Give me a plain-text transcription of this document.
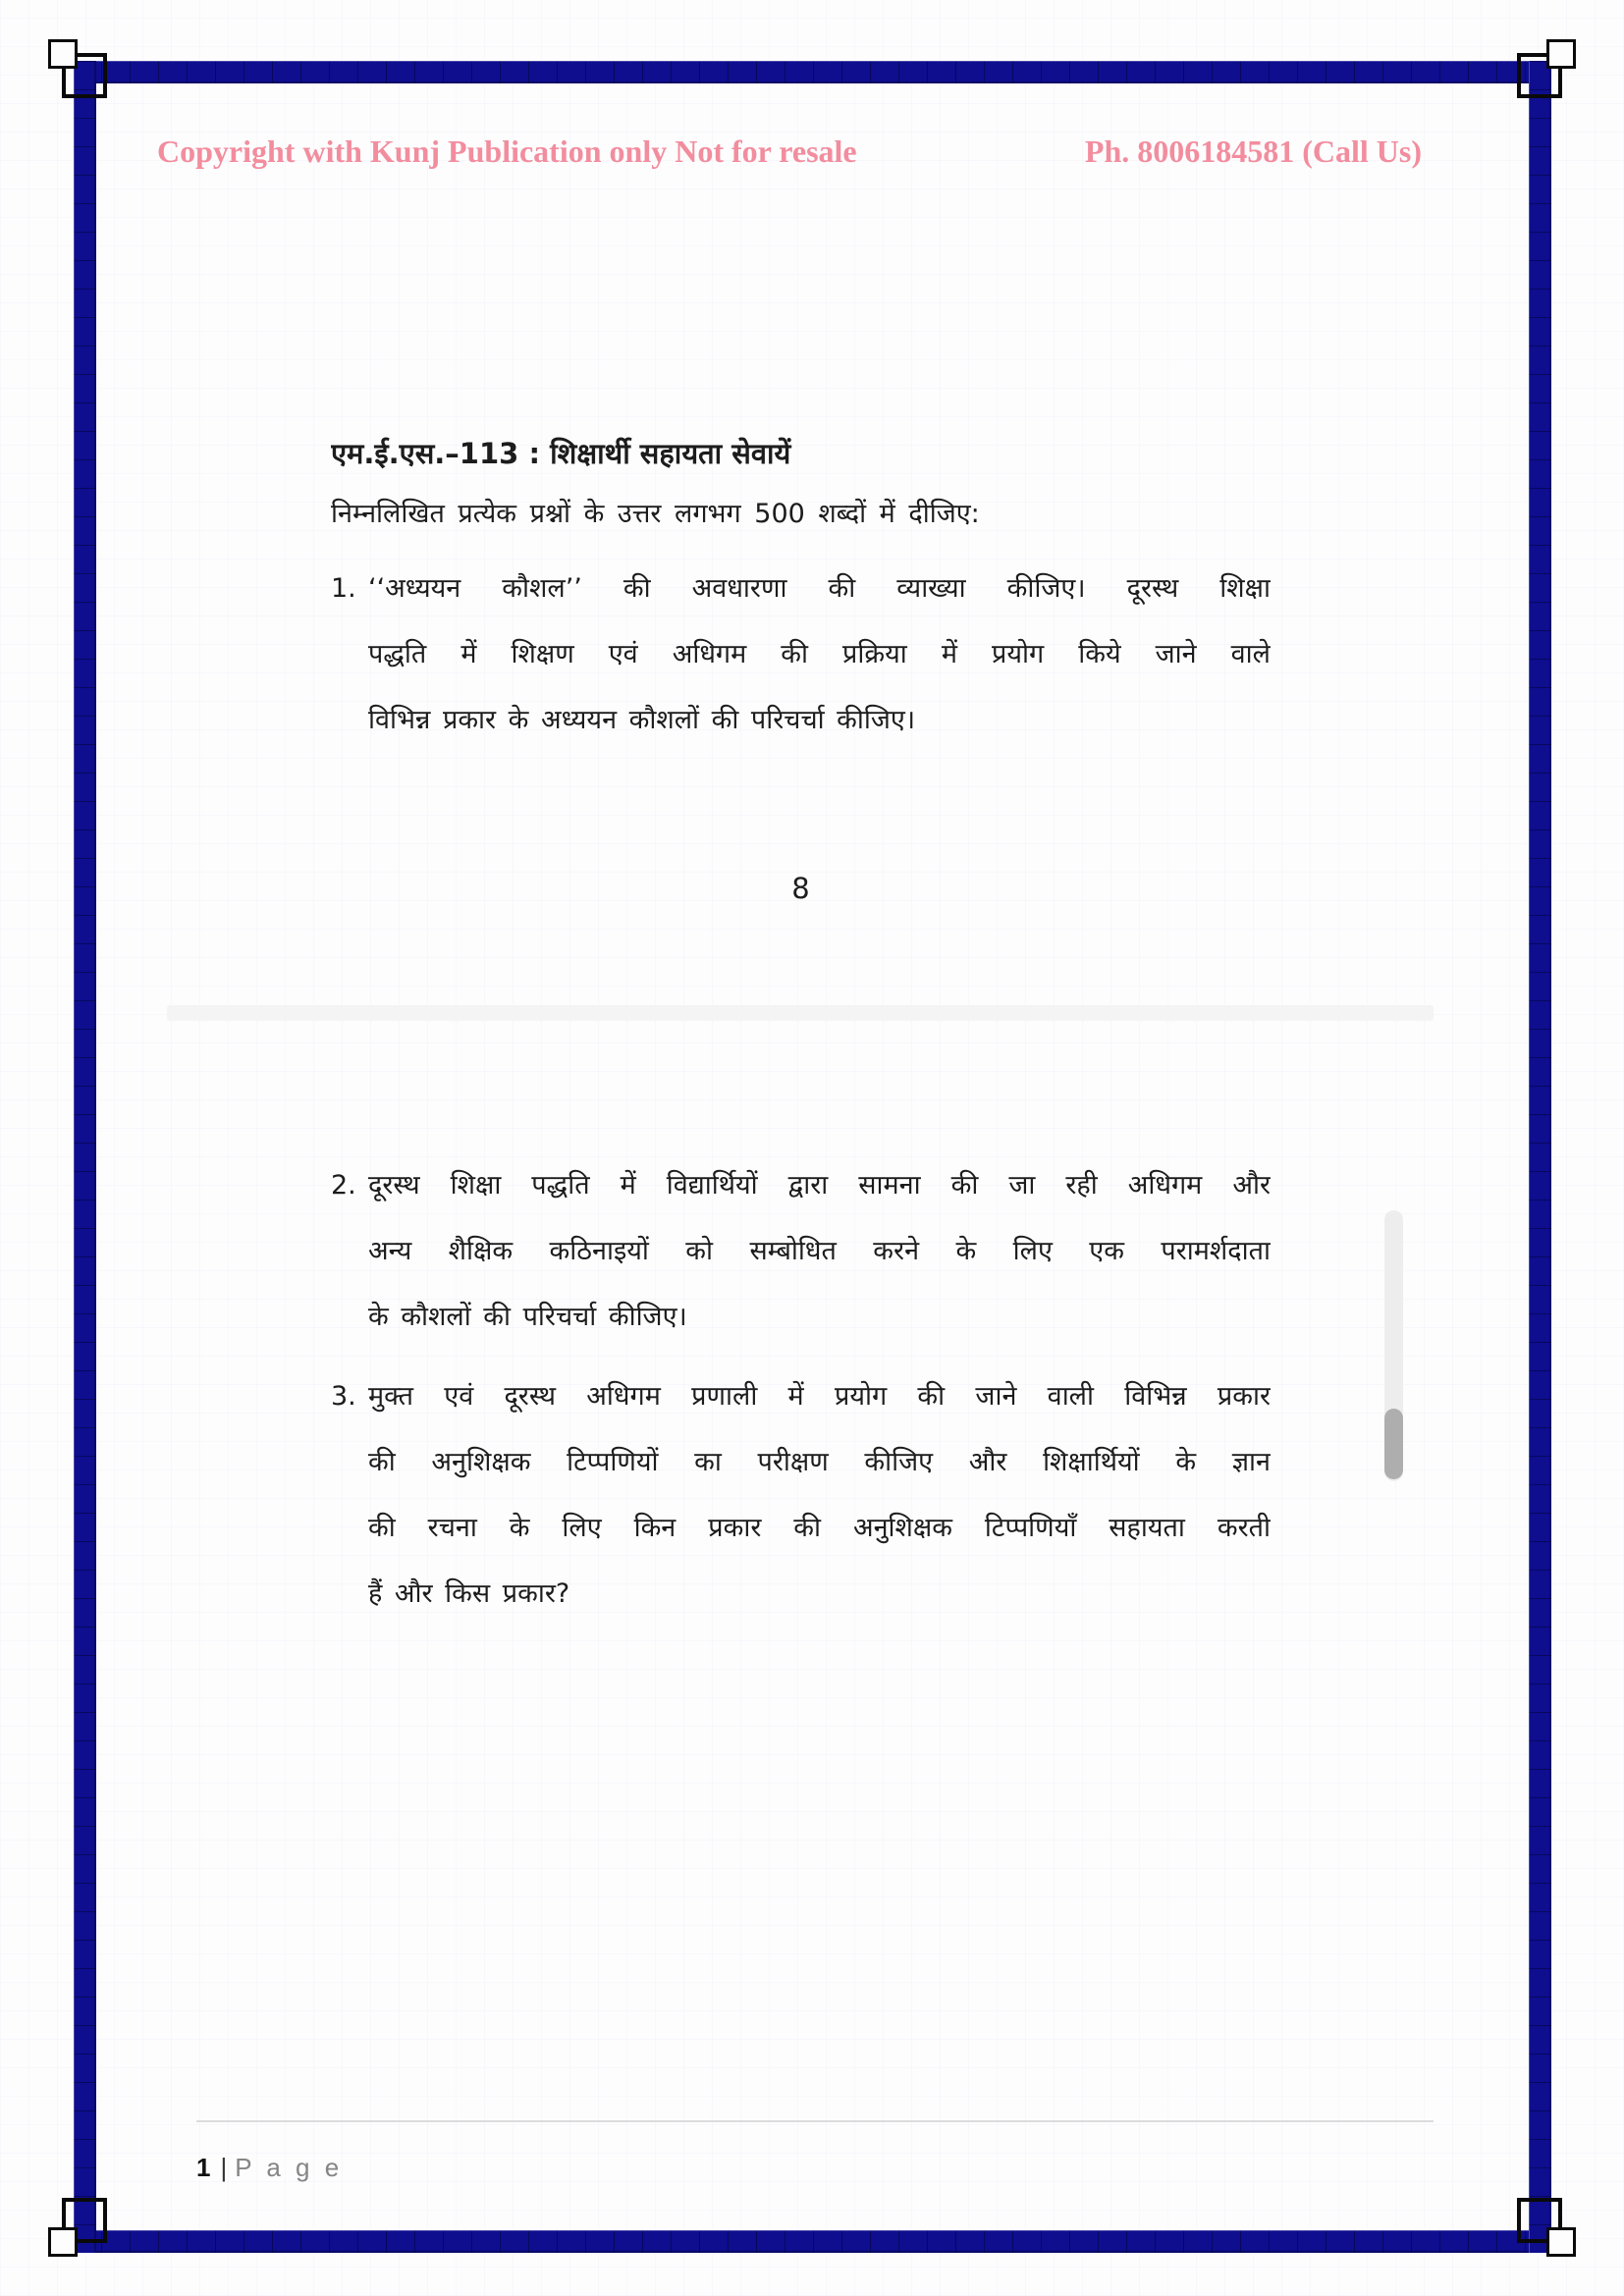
Copyright with Kunj Publication only Not for resale	Ph. 8006184581 (Call Us)
एम.ई.एस.–113 : शिक्षार्थी सहायता सेवायें
निम्नलिखित प्रत्येक प्रश्नों के उत्तर लगभग 500 शब्दों में दीजिए:
1. ‘‘अध्ययन कौशल’’ की अवधारणा की व्याख्या कीजिए। दूरस्थ शिक्षा
पद्धति में शिक्षण एवं अधिगम की प्रक्रिया में प्रयोग किये जाने वाले
विभिन्न प्रकार के अध्ययन कौशलों की परिचर्चा कीजिए।
8
2. दूरस्थ शिक्षा पद्धति में विद्यार्थियों द्वारा सामना की जा रही अधिगम और
अन्य शैक्षिक कठिनाइयों को सम्बोधित करने के लिए एक परामर्शदाता
के कौशलों की परिचर्चा कीजिए।
3. मुक्त एवं दूरस्थ अधिगम प्रणाली में प्रयोग की जाने वाली विभिन्न प्रकार
की अनुशिक्षक टिप्पणियों का परीक्षण कीजिए और शिक्षार्थियों के ज्ञान
की रचना के लिए किन प्रकार की अनुशिक्षक टिप्पणियाँ सहायता करती
हैं और किस प्रकार?
1 | P a g e
